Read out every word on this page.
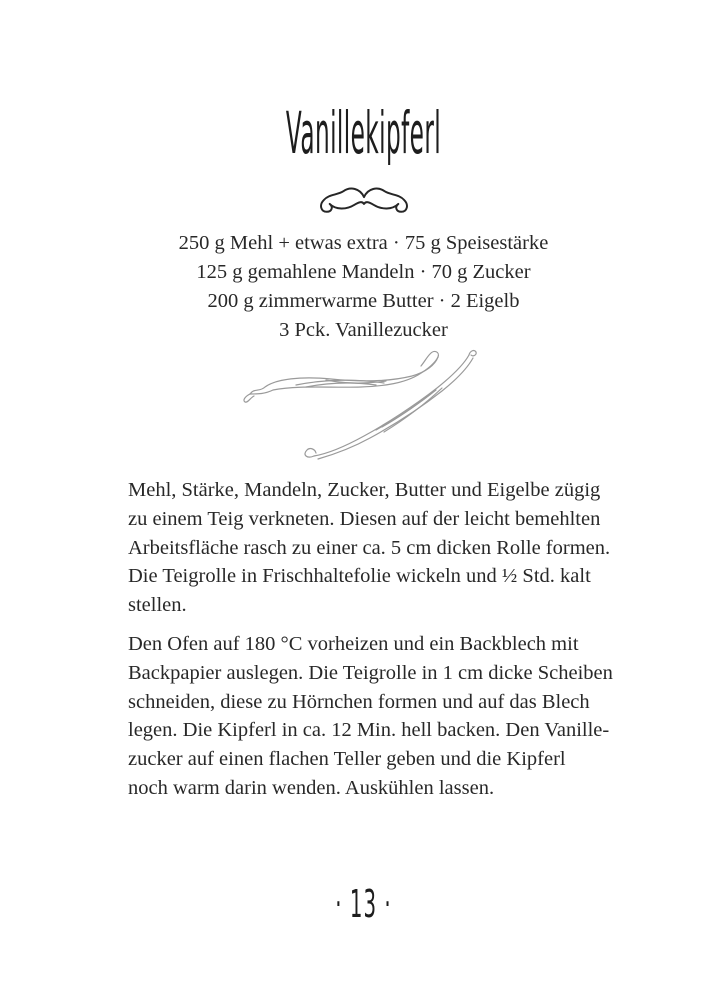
Vanillekipferl
250 g Mehl + etwas extra · 75 g Speisestärke
125 g gemahlene Mandeln · 70 g Zucker
200 g zimmerwarme Butter · 2 Eigelb
3 Pck. Vanillezucker
Mehl, Stärke, Mandeln, Zucker, Butter und Eigelbe zügig
zu einem Teig verkneten. Diesen auf der leicht bemehlten
Arbeitsfläche rasch zu einer ca. 5 cm dicken Rolle formen.
Die Teigrolle in Frischhaltefolie wickeln und ½ Std. kalt
stellen.
Den Ofen auf 180 °C vorheizen und ein Backblech mit
Backpapier auslegen. Die Teigrolle in 1 cm dicke Scheiben
schneiden, diese zu Hörnchen formen und auf das Blech
legen. Die Kipferl in ca. 12 Min. hell backen. Den Vanille-
zucker auf einen flachen Teller geben und die Kipferl
noch warm darin wenden. Auskühlen lassen.
· 13 ·
